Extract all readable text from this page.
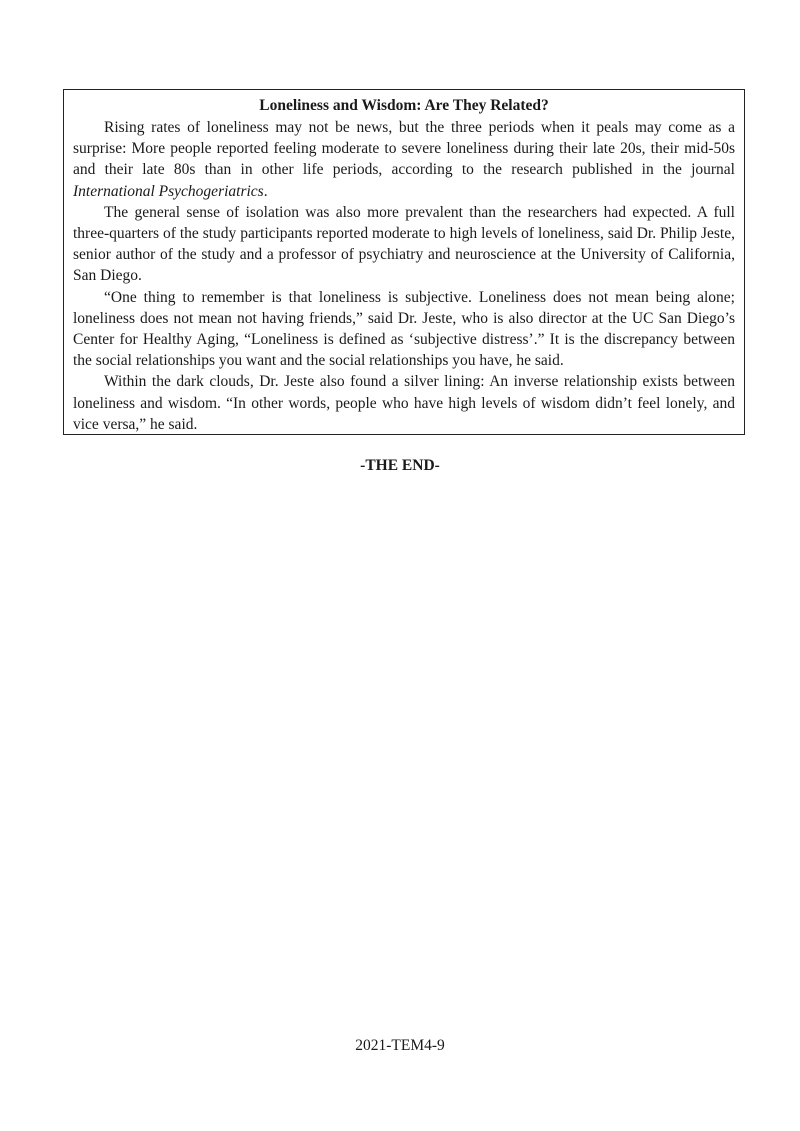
Loneliness and Wisdom: Are They Related?

Rising rates of loneliness may not be news, but the three periods when it peals may come as a surprise: More people reported feeling moderate to severe loneliness during their late 20s, their mid-50s and their late 80s than in other life periods, according to the research published in the journal International Psychogeriatrics.

The general sense of isolation was also more prevalent than the researchers had expected. A full three-quarters of the study participants reported moderate to high levels of loneliness, said Dr. Philip Jeste, senior author of the study and a professor of psychiatry and neuroscience at the University of California, San Diego.

“One thing to remember is that loneliness is subjective. Loneliness does not mean being alone; loneliness does not mean not having friends,” said Dr. Jeste, who is also director at the UC San Diego’s Center for Healthy Aging, “Loneliness is defined as ‘subjective distress’.” It is the discrepancy between the social relationships you want and the social relationships you have, he said.

Within the dark clouds, Dr. Jeste also found a silver lining: An inverse relationship exists between loneliness and wisdom. “In other words, people who have high levels of wisdom didn’t feel lonely, and vice versa,” he said.

-THE END-
2021-TEM4-9
